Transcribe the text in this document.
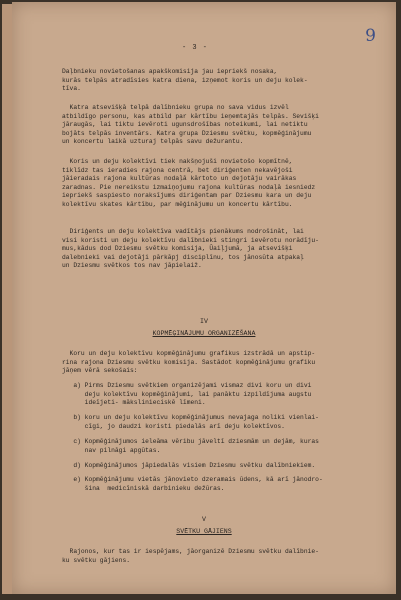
9
- 3 -
Daļbnieku novietošanas apakškomisija jau iepriekš nosaka,
kurās telpās atradīsies katra diena, izņemot koris un deju kolek-
tīva.
Katra atsevišķā telpā dalībnieku grupa no sava vidus izvēl
atbildīgo personu, kas atbild par kārtību ieņemtajās telpās. Sevišķi
jāraugās, lai tiktu ievēroti ugunsdrošības noteikumi, lai netiktu
bojāts telpās inventārs. Katra grupa Dziesmu svētku, kopmēģinājumu
un koncertu laikā uzturaj telpās savu dežurantu.
Koris un deju kolektīvi tiek nakšņojuši novietošo kopmītnē,
tiklīdz tas ieradies rajona centrā, bet diriģenten nekavējoši
jāieradais rajona kultūras nodaļā kārtoto un dejotāju vairākas
zaradnas. Pie nereikstu izmaiņojumu rajona kultūras nodaļā iesniedz
iepriekš saspiesto noraksījums diriģentam par Dziesmu kara un deju
kolektīvu skates kārtību, par mēģinājumu un koncertu kārtību.
Diriģents un deju kolektīva vadītājs pienākums nodrošināt, lai
visi koristi un deju kolektīvu dalībnieki stingri ievērotu norādīju-
mus,kādus dod Dziesmu svētku komisija, Ūaiļjumā, ja atsevišķi
dalebnieki vai dejotāji pārkāpj disciplīnu, tos jānosūta atpakaļ
un Dziesmu svētkos tos nav jāpielaiž.
IV
KOPMĒĢINĀJUMU ORGANIZĒŠANA
Koru un deju kolektīvu kopmēģinājumu grafikus izstrādā un apstip-
rina rajona Dziesmu svētku komisija. Sastādot kopmēģinājumu grafiku
jāņem vērā sekošais:
a) Pirms Dziesmu svētkiem organizējami vismaz divi koru un divi
deju kolektīvu kopmēģinājumi, lai panāktu izpildījuma augstu
ideījeti- mākslinieciskē līmeni.
b) koru un deju kolektīvu kopmēģinājumus nevajaga noliki vienlai-
cīgi, jo daudzi koristi piedalās arī deju kolektīvos.
c) Kopmēģinājumos ieleāma vēribu jāveltī dziesmām un dejām, kuras
nav pilnāgi apgūtas.
d) Kopmēģinājumos jāpiedalās visiem Dziesmu svētku dalībniekiem.
e) Kopmēģinājumu vietās jānovieto dzeramais ūdens, kā arī jānodro-
šina  medicīniskā darbinieku dežūras.
V
SVĒTKU GĀJIENS
Rajonos, kur tas ir iespējams, jāorganizē Dziesmu svētku dalībnie-
ku svētku gājiens.
